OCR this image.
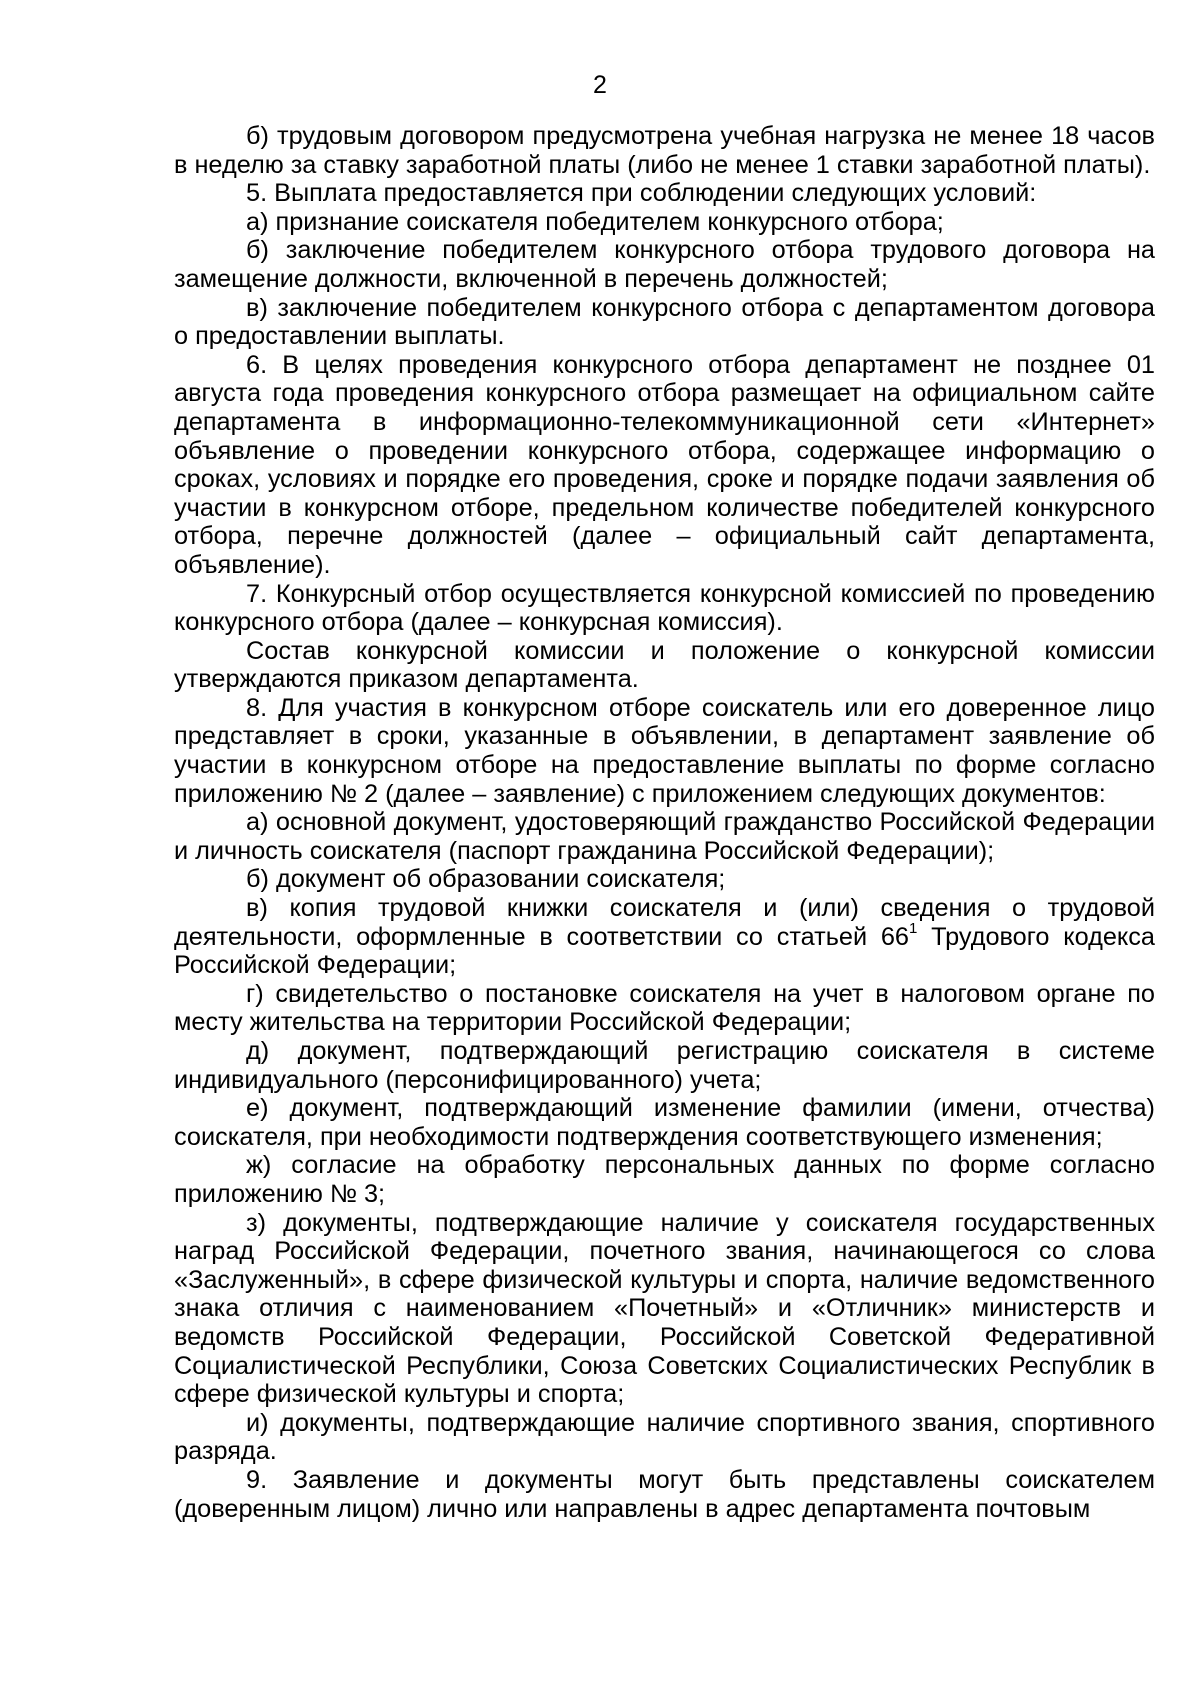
2

б) трудовым договором предусмотрена учебная нагрузка не менее 18 часов в неделю за ставку заработной платы (либо не менее 1 ставки заработной платы).

5. Выплата предоставляется при соблюдении следующих условий:

а) признание соискателя победителем конкурсного отбора;

б) заключение победителем конкурсного отбора трудового договора на замещение должности, включенной в перечень должностей;

в) заключение победителем конкурсного отбора с департаментом договора о предоставлении выплаты.

6. В целях проведения конкурсного отбора департамент не позднее 01 августа года проведения конкурсного отбора размещает на официальном сайте департамента в информационно-телекоммуникационной сети «Интернет» объявление о проведении конкурсного отбора, содержащее информацию о сроках, условиях и порядке его проведения, сроке и порядке подачи заявления об участии в конкурсном отборе, предельном количестве победителей конкурсного отбора, перечне должностей (далее – официальный сайт департамента, объявление).

7. Конкурсный отбор осуществляется конкурсной комиссией по проведению конкурсного отбора (далее – конкурсная комиссия).

Состав конкурсной комиссии и положение о конкурсной комиссии утверждаются приказом департамента.

8. Для участия в конкурсном отборе соискатель или его доверенное лицо представляет в сроки, указанные в объявлении, в департамент заявление об участии в конкурсном отборе на предоставление выплаты по форме согласно приложению № 2 (далее – заявление) с приложением следующих документов:

а) основной документ, удостоверяющий гражданство Российской Федерации и личность соискателя (паспорт гражданина Российской Федерации);

б) документ об образовании соискателя;

в) копия трудовой книжки соискателя и (или) сведения о трудовой деятельности, оформленные в соответствии со статьей $66^1$ Трудового кодекса Российской Федерации;

г) свидетельство о постановке соискателя на учет в налоговом органе по месту жительства на территории Российской Федерации;

д) документ, подтверждающий регистрацию соискателя в системе индивидуального (персонифицированного) учета;

е) документ, подтверждающий изменение фамилии (имени, отчества) соискателя, при необходимости подтверждения соответствующего изменения;

ж) согласие на обработку персональных данных по форме согласно приложению № 3;

з) документы, подтверждающие наличие у соискателя государственных наград Российской Федерации, почетного звания, начинающегося со слова «Заслуженный», в сфере физической культуры и спорта, наличие ведомственного знака отличия с наименованием «Почетный» и «Отличник» министерств и ведомств Российской Федерации, Российской Советской Федеративной Социалистической Республики, Союза Советских Социалистических Республик в сфере физической культуры и спорта;

и) документы, подтверждающие наличие спортивного звания, спортивного разряда.

9. Заявление и документы могут быть представлены соискателем (доверенным лицом) лично или направлены в адрес департамента почтовым
